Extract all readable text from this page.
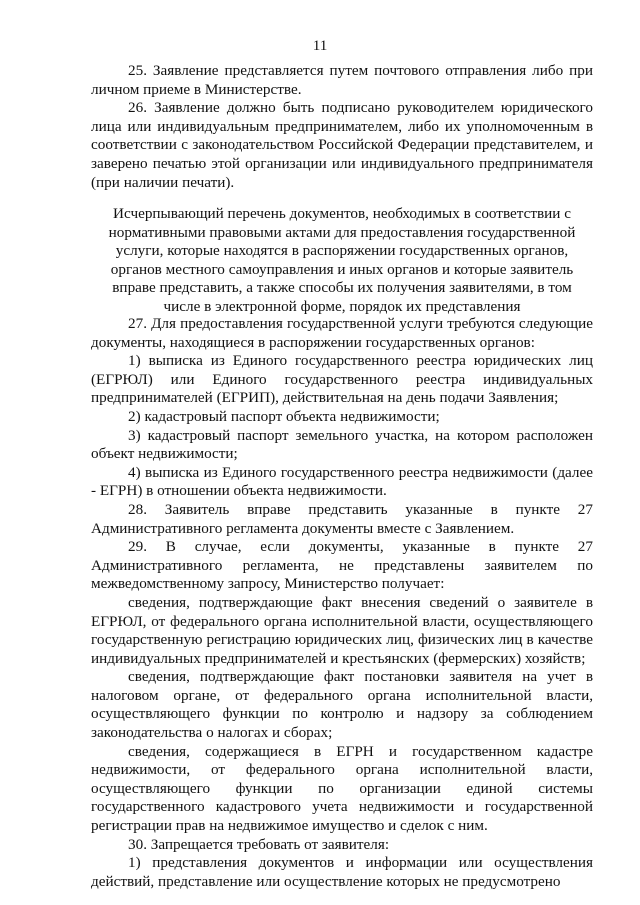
11

25. Заявление представляется путем почтового отправления либо при личном приеме в Министерстве.

26. Заявление должно быть подписано руководителем юридического лица или индивидуальным предпринимателем, либо их уполномоченным в соответствии с законодательством Российской Федерации представителем, и заверено печатью этой организации или индивидуального предпринимателя (при наличии печати).

Исчерпывающий перечень документов, необходимых в соответствии с нормативными правовыми актами для предоставления государственной услуги, которые находятся в распоряжении государственных органов, органов местного самоуправления и иных органов и которые заявитель вправе представить, а также способы их получения заявителями, в том числе в электронной форме, порядок их представления

27. Для предоставления государственной услуги требуются следующие документы, находящиеся в распоряжении государственных органов:

1) выписка из Единого государственного реестра юридических лиц (ЕГРЮЛ) или Единого государственного реестра индивидуальных предпринимателей (ЕГРИП), действительная на день подачи Заявления;

2) кадастровый паспорт объекта недвижимости;

3) кадастровый паспорт земельного участка, на котором расположен объект недвижимости;

4) выписка из Единого государственного реестра недвижимости (далее - ЕГРН) в отношении объекта недвижимости.

28. Заявитель вправе представить указанные в пункте 27 Административного регламента документы вместе с Заявлением.

29. В случае, если документы, указанные в пункте 27 Административного регламента, не представлены заявителем по межведомственному запросу, Министерство получает:

сведения, подтверждающие факт внесения сведений о заявителе в ЕГРЮЛ, от федерального органа исполнительной власти, осуществляющего государственную регистрацию юридических лиц, физических лиц в качестве индивидуальных предпринимателей и крестьянских (фермерских) хозяйств;

сведения, подтверждающие факт постановки заявителя на учет в налоговом органе, от федерального органа исполнительной власти, осуществляющего функции по контролю и надзору за соблюдением законодательства о налогах и сборах;

сведения, содержащиеся в ЕГРН и государственном кадастре недвижимости, от федерального органа исполнительной власти, осуществляющего функции по организации единой системы государственного кадастрового учета недвижимости и государственной регистрации прав на недвижимое имущество и сделок с ним.

30. Запрещается требовать от заявителя:

1) представления документов и информации или осуществления действий, представление или осуществление которых не предусмотрено
